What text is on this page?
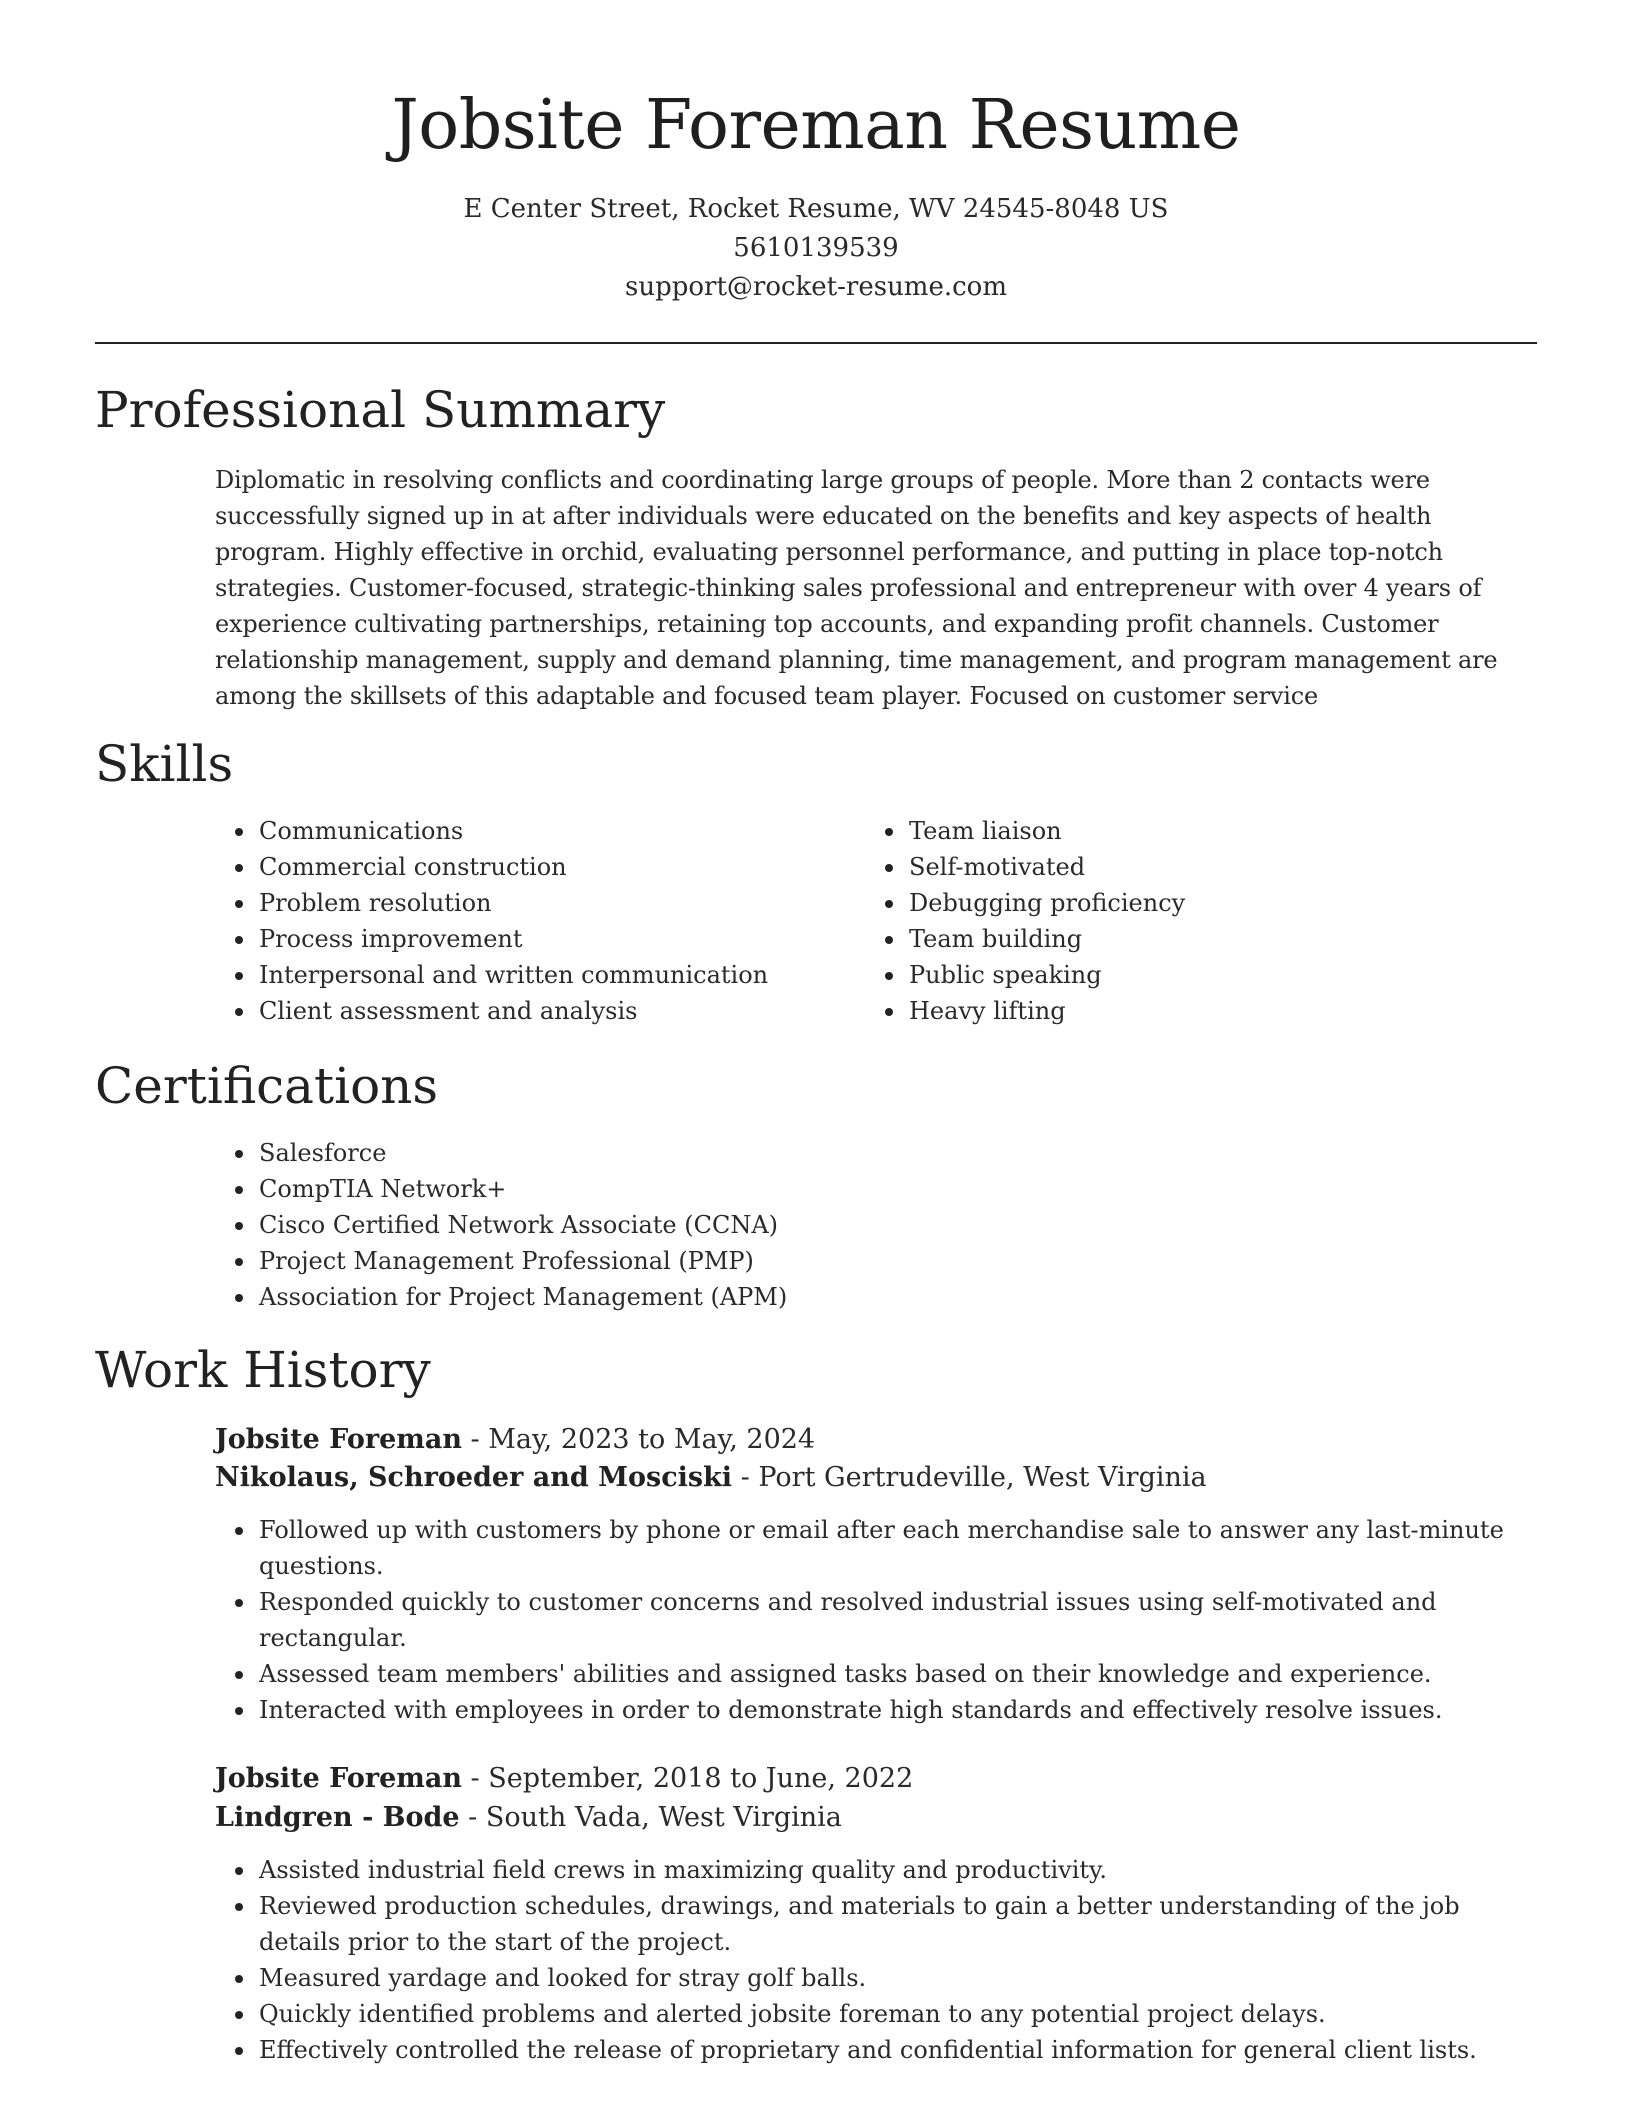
Jobsite Foreman Resume
E Center Street, Rocket Resume, WV 24545-8048 US
5610139539
support@rocket-resume.com
Professional Summary

Diplomatic in resolving conflicts and coordinating large groups of people. More than 2 contacts were successfully signed up in at after individuals were educated on the benefits and key aspects of health program. Highly effective in orchid, evaluating personnel performance, and putting in place top-notch strategies. Customer-focused, strategic-thinking sales professional and entrepreneur with over 4 years of experience cultivating partnerships, retaining top accounts, and expanding profit channels. Customer relationship management, supply and demand planning, time management, and program management are among the skillsets of this adaptable and focused team player. Focused on customer service

Skills
Communications
Commercial construction
Problem resolution
Process improvement
Interpersonal and written communication
Client assessment and analysis
Team liaison
Self-motivated
Debugging proficiency
Team building
Public speaking
Heavy lifting
Certifications
Salesforce
CompTIA Network+
Cisco Certified Network Associate (CCNA)
Project Management Professional (PMP)
Association for Project Management (APM)
Work History
Jobsite Foreman - May, 2023 to May, 2024
Nikolaus, Schroeder and Mosciski - Port Gertrudeville, West Virginia
Followed up with customers by phone or email after each merchandise sale to answer any last-minute questions.
Responded quickly to customer concerns and resolved industrial issues using self-motivated and rectangular.
Assessed team members' abilities and assigned tasks based on their knowledge and experience.
Interacted with employees in order to demonstrate high standards and effectively resolve issues.
Jobsite Foreman - September, 2018 to June, 2022
Lindgren - Bode - South Vada, West Virginia
Assisted industrial field crews in maximizing quality and productivity.
Reviewed production schedules, drawings, and materials to gain a better understanding of the job details prior to the start of the project.
Measured yardage and looked for stray golf balls.
Quickly identified problems and alerted jobsite foreman to any potential project delays.
Effectively controlled the release of proprietary and confidential information for general client lists.
